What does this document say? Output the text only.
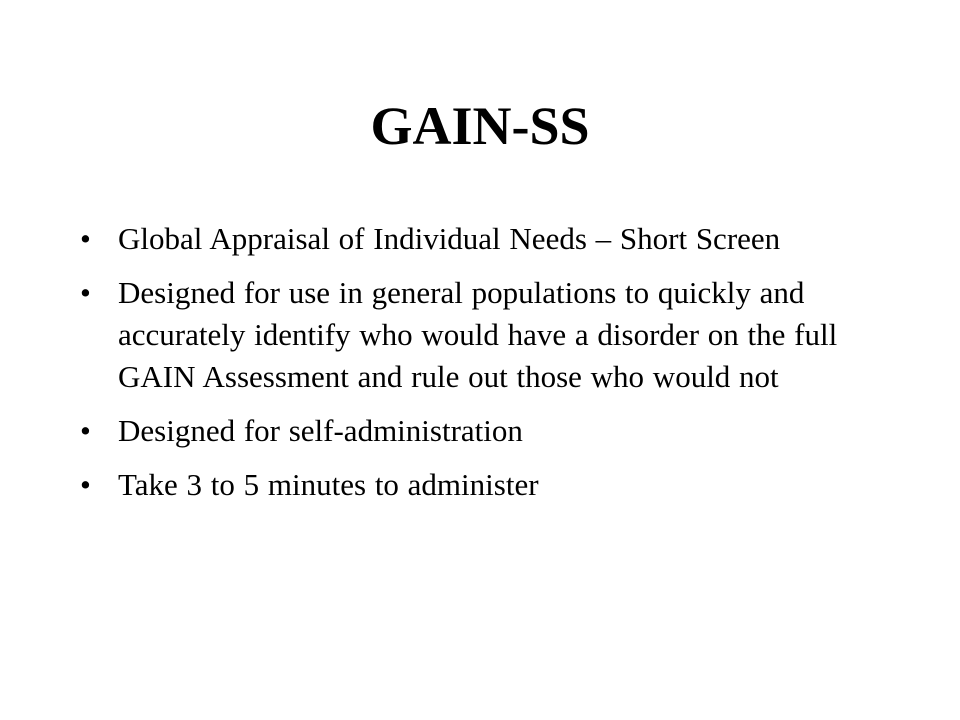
GAIN-SS
• Global Appraisal of Individual Needs – Short Screen
• Designed for use in general populations to quickly and accurately identify who would have a disorder on the full GAIN Assessment and rule out those who would not
• Designed for self-administration
• Take 3 to 5 minutes to administer
